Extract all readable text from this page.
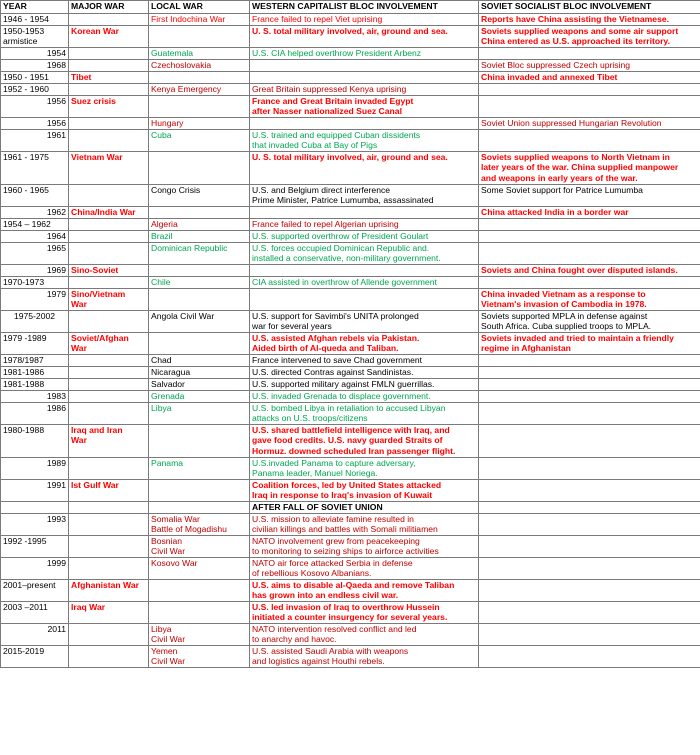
YEAR	MAJOR WAR	LOCAL WAR	WESTERN CAPITALIST BLOC INVOLVEMENT	SOVIET SOCIALIST BLOC INVOLVEMENT
1946 - 1954		First Indochina War	France failed to repel Viet uprising	Reports have China assisting the Vietnamese.
1950-1953
armistice	Korean War		U. S. total military involved, air, ground and sea.	Soviets supplied weapons and some air support
China entered as U.S. approached its territory.
1954		Guatemala	U.S. CIA helped overthrow President Arbenz	
1968		Czechoslovakia		Soviet Bloc suppressed Czech uprising
1950 - 1951	Tibet			China invaded and annexed Tibet
1952 - 1960		Kenya Emergency	Great Britain suppressed Kenya uprising	
1956	Suez crisis		France and Great Britain invaded Egypt
after Nasser nationalized Suez Canal	
1956		Hungary		Soviet Union suppressed Hungarian Revolution
1961		Cuba	U.S. trained and equipped Cuban dissidents
that invaded Cuba at Bay of Pigs	
1961 - 1975	Vietnam War		U. S. total military involved, air, ground and sea.	Soviets supplied weapons to North Vietnam in
later years of the war. China supplied manpower
and weapons in early years of the war.
1960 - 1965		Congo Crisis	U.S. and Belgium direct interference
Prime Minister, Patrice Lumumba, assassinated	Some Soviet support for Patrice Lumumba
1962	China/India War			China attacked India in a border war
1954 – 1962		Algeria	France failed to repel Algerian uprising	
1964		Brazil	U.S. supported overthrow of President Goulart	
1965		Dominican Republic	U.S. forces occupied Dominican Republic and.
installed a conservative, non-military government.	
1969	Sino-Soviet			Soviets and China fought over disputed islands.
1970-1973		Chile	CIA assisted in overthrow of Allende government	
1979	Sino/Vietnam
War			China invaded Vietnam as a response to
Vietnam's invasion of Cambodia in 1978.
1975-2002		Angola Civil War	U.S. support for Savimbi's UNITA prolonged
war for several years	Soviets supported MPLA in defense against
South Africa. Cuba supplied troops to MPLA.
1979 -1989	Soviet/Afghan
War		U.S. assisted Afghan rebels via Pakistan.
Aided birth of Al-queda and Taliban.	Soviets invaded and tried to maintain a friendly
regime in Afghanistan
1978/1987		Chad	France intervened to save Chad government	
1981-1986		Nicaragua	U.S. directed Contras against Sandinistas.	
1981-1988		Salvador	U.S. supported military against FMLN guerrillas.	
1983		Grenada	U.S. invaded Grenada to displace government.	
1986		Libya	U.S. bombed Libya in retaliation to accused Libyan
attacks on U.S. troops/citizens	
1980-1988	Iraq and Iran
War		U.S. shared battlefield intelligence with Iraq, and
gave food credits. U.S. navy guarded Straits of
Hormuz. downed scheduled Iran passenger flight.	
1989		Panama	U.S.invaded Panama to capture adversary,
Panama leader, Manuel Noriega.	
1991	Ist Gulf War		Coalition forces, led by United States attacked
Iraq in response to Iraq's invasion of Kuwait	
			AFTER FALL OF SOVIET UNION	
1993		Somalia War
Battle of Mogadishu	U.S. mission to alleviate famine resulted in
civilian killings and battles with Somali militiamen	
1992 -1995		Bosnian
Civil War	NATO involvement grew from peacekeeping
to monitoring to seizing ships to airforce activities	
1999		Kosovo War	NATO air force attacked Serbia in defense
of rebellious Kosovo Albanians.	
2001–present	Afghanistan War		U.S. aims to disable al-Qaeda and remove Taliban
has grown into an endless civil war.	
2003 –2011	Iraq War		U.S. led invasion of Iraq to overthrow Hussein
initiated a counter insurgency for several years.	
2011		Libya
Civil War	NATO intervention resolved conflict and led
to anarchy and havoc.	
2015-2019		Yemen
Civil War	U.S. assisted Saudi Arabia with weapons
and logistics against Houthi rebels.	
